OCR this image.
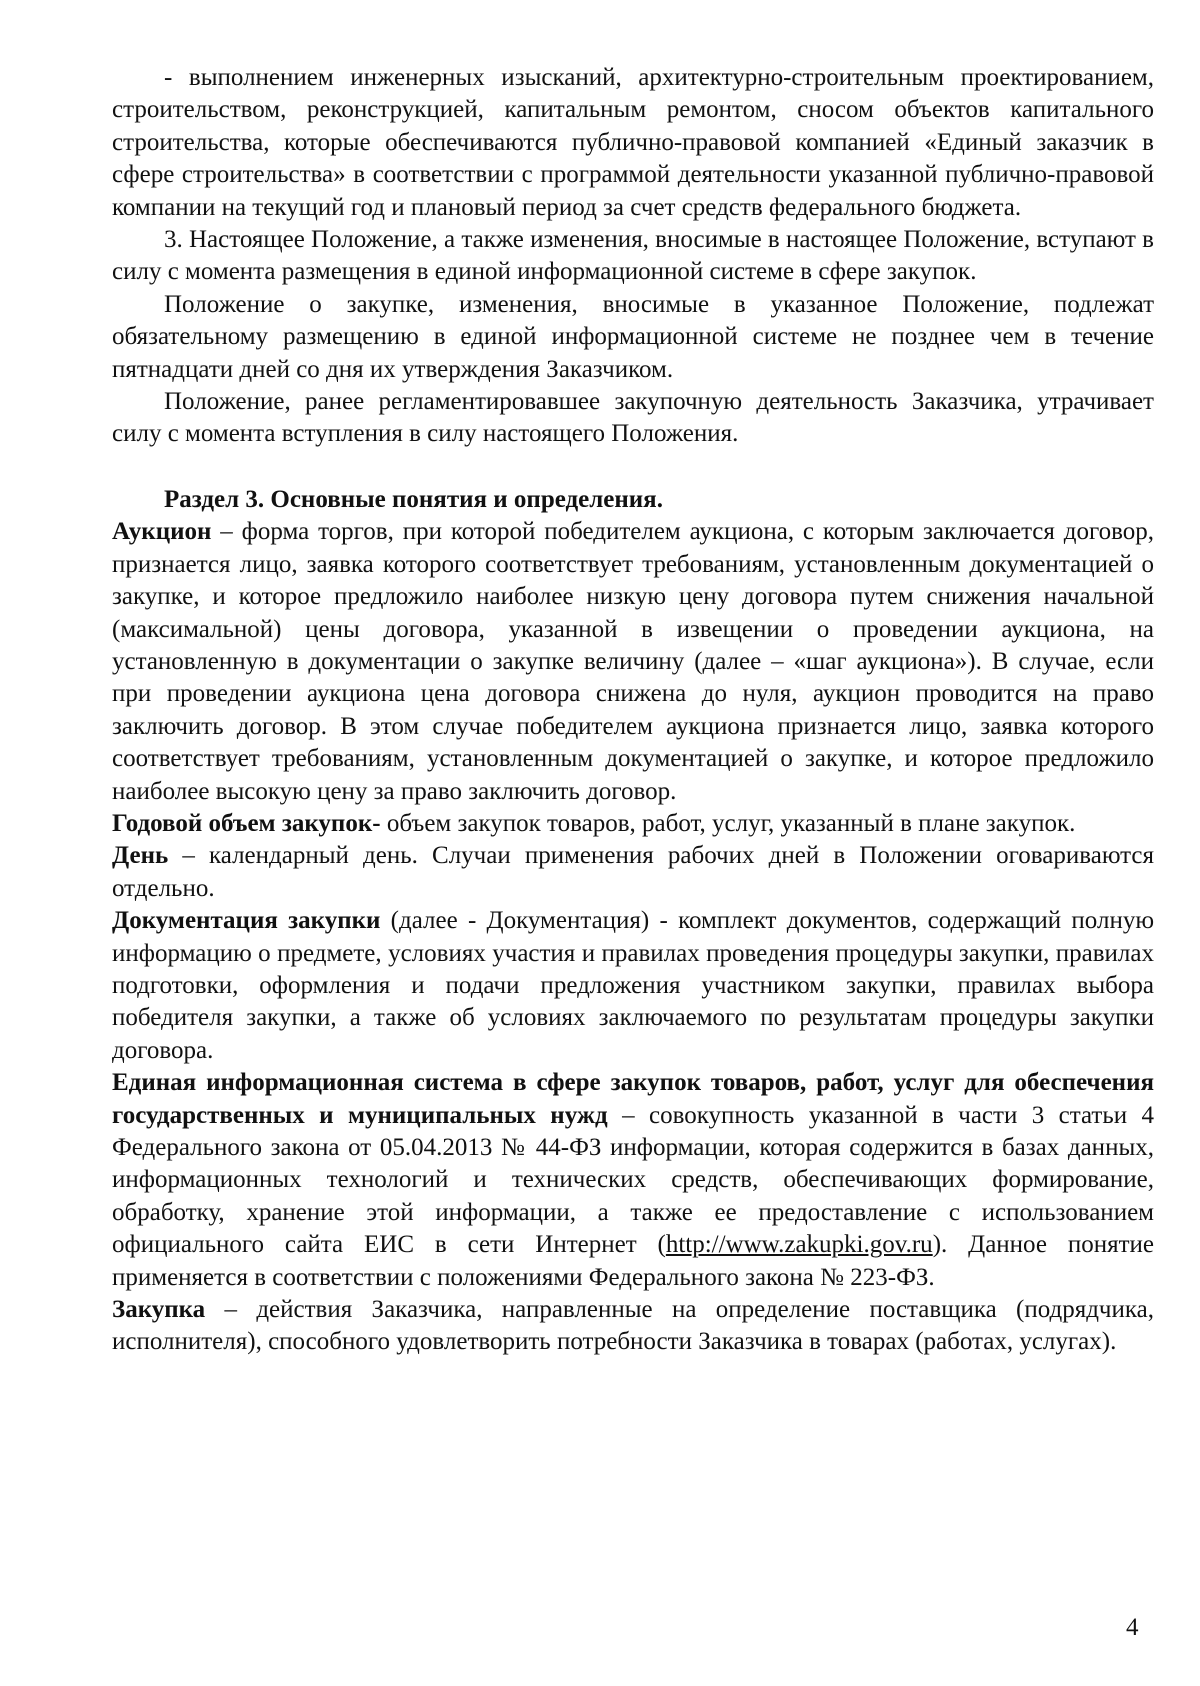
- выполнением инженерных изысканий, архитектурно-строительным проектированием, строительством, реконструкцией, капитальным ремонтом, сносом объектов капитального строительства, которые обеспечиваются публично-правовой компанией «Единый заказчик в сфере строительства» в соответствии с программой деятельности указанной публично-правовой компании на текущий год и плановый период за счет средств федерального бюджета.

3. Настоящее Положение, а также изменения, вносимые в настоящее Положение, вступают в силу с момента размещения в единой информационной системе в сфере закупок.

Положение о закупке, изменения, вносимые в указанное Положение, подлежат обязательному размещению в единой информационной системе не позднее чем в течение пятнадцати дней со дня их утверждения Заказчиком.

Положение, ранее регламентировавшее закупочную деятельность Заказчика, утрачивает силу с момента вступления в силу настоящего Положения.

Раздел 3. Основные понятия и определения.

Аукцион – форма торгов, при которой победителем аукциона, с которым заключается договор, признается лицо, заявка которого соответствует требованиям, установленным документацией о закупке, и которое предложило наиболее низкую цену договора путем снижения начальной (максимальной) цены договора, указанной в извещении о проведении аукциона, на установленную в документации о закупке величину (далее – «шаг аукциона»). В случае, если при проведении аукциона цена договора снижена до нуля, аукцион проводится на право заключить договор. В этом случае победителем аукциона признается лицо, заявка которого соответствует требованиям, установленным документацией о закупке, и которое предложило наиболее высокую цену за право заключить договор.

Годовой объем закупок- объем закупок товаров, работ, услуг, указанный в плане закупок.

День – календарный день. Случаи применения рабочих дней в Положении оговариваются отдельно.

Документация закупки (далее - Документация) - комплект документов, содержащий полную информацию о предмете, условиях участия и правилах проведения процедуры закупки, правилах подготовки, оформления и подачи предложения участником закупки, правилах выбора победителя закупки, а также об условиях заключаемого по результатам процедуры закупки договора.

Единая информационная система в сфере закупок товаров, работ, услуг для обеспечения государственных и муниципальных нужд – совокупность указанной в части 3 статьи 4 Федерального закона от 05.04.2013 № 44-ФЗ информации, которая содержится в базах данных, информационных технологий и технических средств, обеспечивающих формирование, обработку, хранение этой информации, а также ее предоставление с использованием официального сайта ЕИС в сети Интернет (http://www.zakupki.gov.ru). Данное понятие применяется в соответствии с положениями Федерального закона № 223-ФЗ.

Закупка – действия Заказчика, направленные на определение поставщика (подрядчика, исполнителя), способного удовлетворить потребности Заказчика в товарах (работах, услугах).

4
